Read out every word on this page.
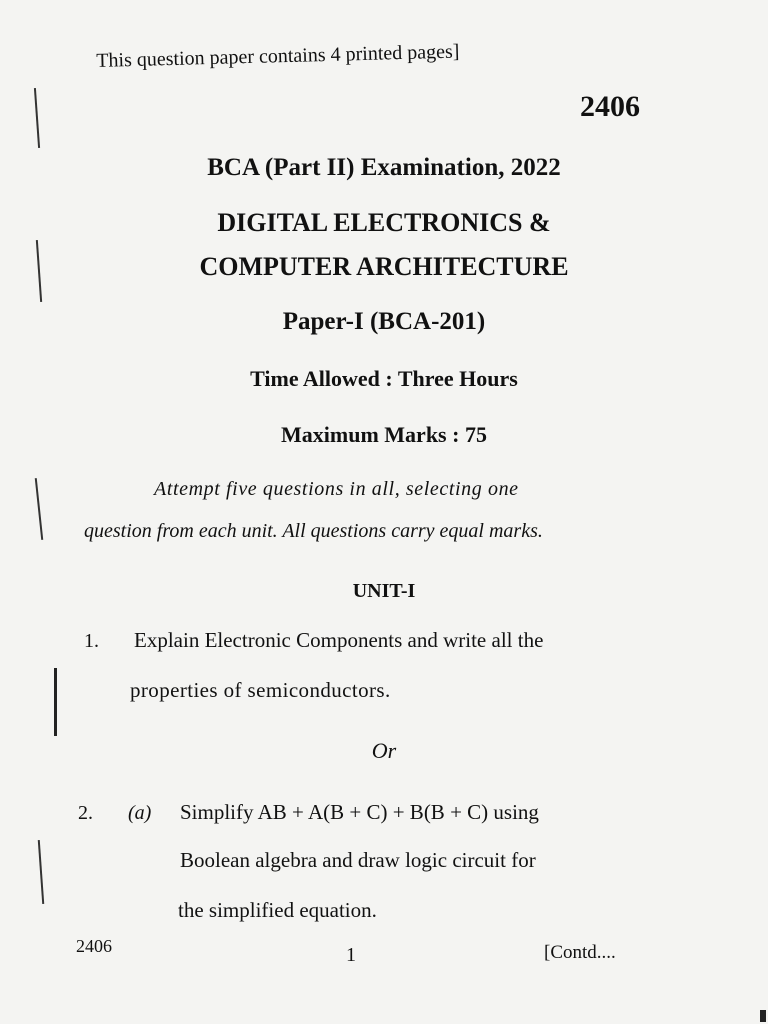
This question paper contains 4 printed pages]
2406
BCA (Part II) Examination, 2022
DIGITAL ELECTRONICS &
COMPUTER ARCHITECTURE
Paper-I (BCA-201)
Time Allowed : Three Hours
Maximum Marks : 75
Attempt five questions in all, selecting one
question from each unit. All questions carry equal marks.
UNIT-I
1. Explain Electronic Components and write all the
properties of semiconductors.
Or
2. (a) Simplify AB + A(B + C) + B(B + C) using
Boolean algebra and draw logic circuit for
the simplified equation.
2406	1	[Contd....
